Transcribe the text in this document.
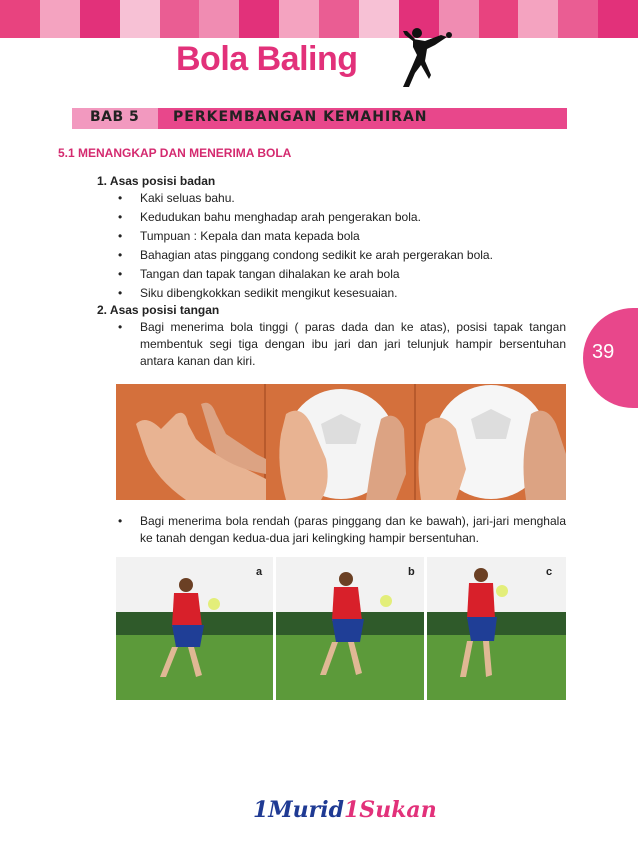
Bola Baling
BAB 5 PERKEMBANGAN KEMAHIRAN
5.1 MENANGKAP DAN MENERIMA BOLA
1. Asas posisi badan
• Kaki seluas bahu.
• Kedudukan bahu menghadap arah pengerakan bola.
• Tumpuan : Kepala dan mata kepada bola
• Bahagian atas pinggang condong sedikit ke arah pergerakan bola.
• Tangan dan tapak tangan dihalakan ke arah bola
• Siku dibengkokkan sedikit mengikut kesesuaian.
2. Asas posisi tangan
• Bagi menerima bola tinggi ( paras dada dan ke atas), posisi tapak tangan membentuk segi tiga dengan ibu jari dan jari telunjuk hampir bersentuhan antara kanan dan kiri.	39
• Bagi menerima bola rendah (paras pinggang dan ke bawah), jari-jari menghala ke tanah dengan kedua-dua jari kelingking hampir bersentuhan.
a	b	c
1Murid1Sukan
